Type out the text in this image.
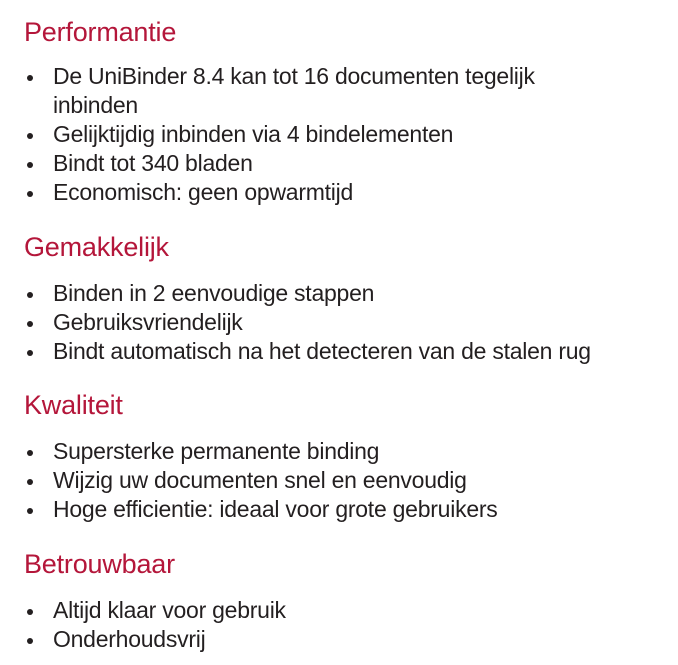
Performantie
De UniBinder 8.4 kan tot 16 documenten tegelijk inbinden
Gelijktijdig inbinden via 4 bindelementen
Bindt tot 340 bladen
Economisch: geen opwarmtijd
Gemakkelijk
Binden in 2 eenvoudige stappen
Gebruiksvriendelijk
Bindt automatisch na het detecteren van de stalen rug
Kwaliteit
Supersterke permanente binding
Wijzig uw documenten snel en eenvoudig
Hoge efficientie: ideaal voor grote gebruikers
Betrouwbaar
Altijd klaar voor gebruik
Onderhoudsvrij
